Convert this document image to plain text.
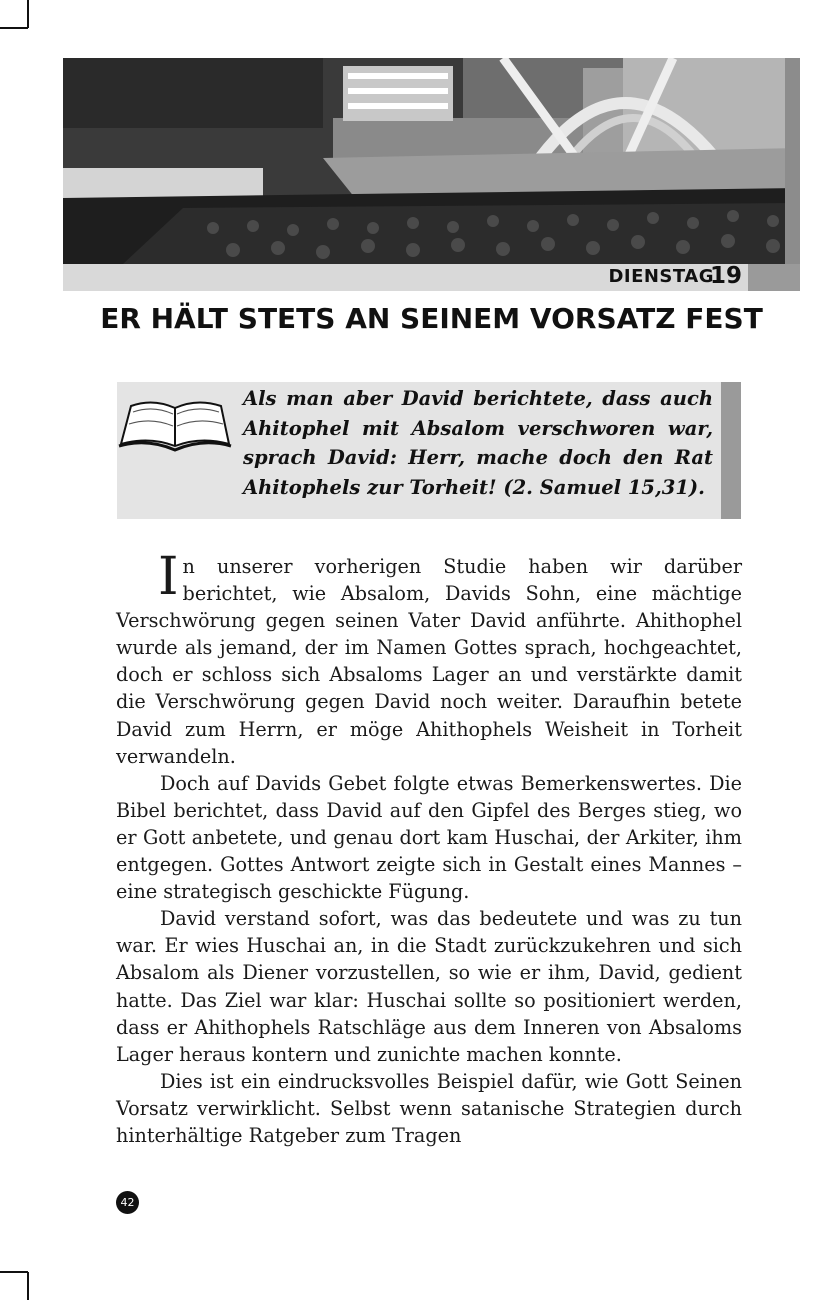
DIENSTAG
19
ER HÄLT STETS AN SEINEM VORSATZ FEST

Als man aber David berichtete, dass auch Ahitophel mit Absalom verschworen war, sprach David: Herr, mache doch den Rat Ahitophels zur Torheit! (2. Samuel 15,31).

In unserer vorherigen Studie haben wir darüber berichtet, wie Absalom, Davids Sohn, eine mächtige Verschwörung gegen seinen Vater David anführte. Ahithophel wurde als jemand, der im Namen Gottes sprach, hochgeachtet, doch er schloss sich Absaloms Lager an und verstärkte damit die Verschwörung gegen David noch weiter. Daraufhin betete David zum Herrn, er möge Ahithophels Weisheit in Torheit verwandeln.

Doch auf Davids Gebet folgte etwas Bemerkenswertes. Die Bibel berichtet, dass David auf den Gipfel des Berges stieg, wo er Gott anbetete, und genau dort kam Huschai, der Arkiter, ihm entgegen. Gottes Antwort zeigte sich in Gestalt eines Mannes – eine strategisch geschickte Fügung.

David verstand sofort, was das bedeutete und was zu tun war. Er wies Huschai an, in die Stadt zurückzukehren und sich Absalom als Diener vorzustellen, so wie er ihm, David, gedient hatte. Das Ziel war klar: Huschai sollte so positioniert werden, dass er Ahithophels Ratschläge aus dem Inneren von Absaloms Lager heraus kontern und zunichte machen konnte.

Dies ist ein eindrucksvolles Beispiel dafür, wie Gott Seinen Vorsatz verwirklicht. Selbst wenn satanische Strategien durch hinterhältige Ratgeber zum Tragen

42
